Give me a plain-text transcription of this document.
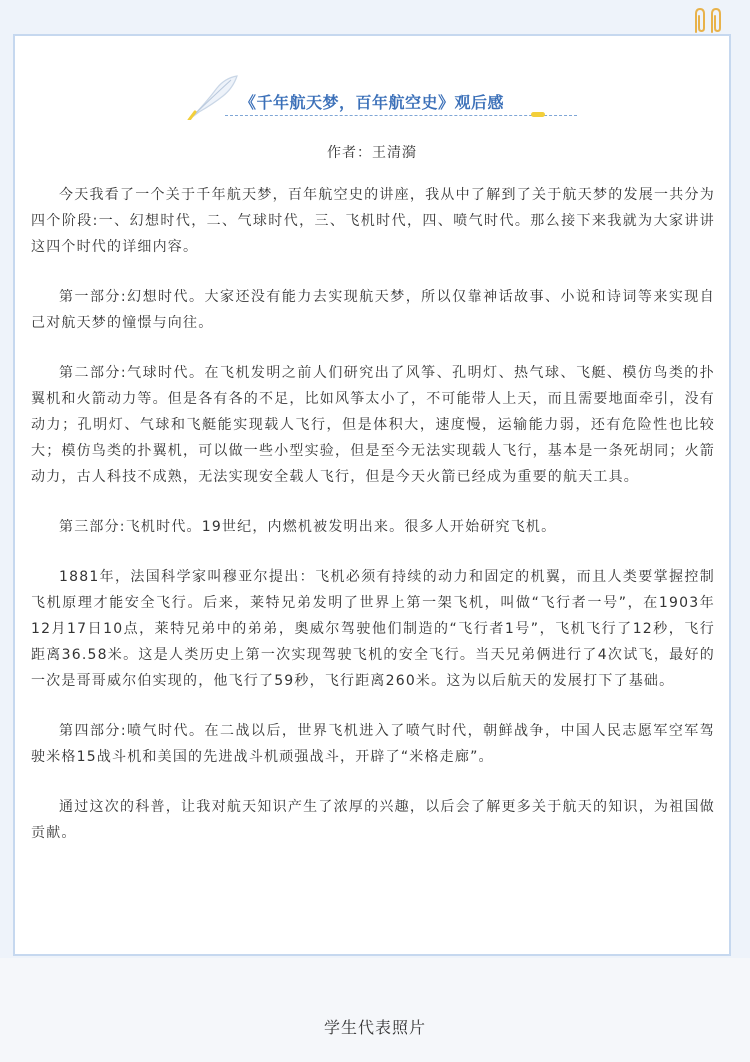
《千年航天梦，百年航空史》观后感
作者：王清漪

今天我看了一个关于千年航天梦，百年航空史的讲座，我从中了解到了关于航天梦的发展一共分为四个阶段:一、幻想时代，二、气球时代，三、飞机时代，四、喷气时代。那么接下来我就为大家讲讲这四个时代的详细内容。

第一部分:幻想时代。大家还没有能力去实现航天梦，所以仅靠神话故事、小说和诗词等来实现自己对航天梦的憧憬与向往。

第二部分:气球时代。在飞机发明之前人们研究出了风筝、孔明灯、热气球、飞艇、模仿鸟类的扑翼机和火箭动力等。但是各有各的不足，比如风筝太小了，不可能带人上天，而且需要地面牵引，没有动力；孔明灯、气球和飞艇能实现载人飞行，但是体积大，速度慢，运输能力弱，还有危险性也比较大；模仿鸟类的扑翼机，可以做一些小型实验，但是至今无法实现载人飞行，基本是一条死胡同；火箭动力，古人科技不成熟，无法实现安全载人飞行，但是今天火箭已经成为重要的航天工具。

第三部分:飞机时代。19世纪，内燃机被发明出来。很多人开始研究飞机。

1881年，法国科学家叫穆亚尔提出：飞机必须有持续的动力和固定的机翼，而且人类要掌握控制飞机原理才能安全飞行。后来，莱特兄弟发明了世界上第一架飞机，叫做“飞行者一号”，在1903年12月17日10点，莱特兄弟中的弟弟，奥威尔驾驶他们制造的“飞行者1号”，飞机飞行了12秒，飞行距离36.58米。这是人类历史上第一次实现驾驶飞机的安全飞行。当天兄弟俩进行了4次试飞，最好的一次是哥哥威尔伯实现的，他飞行了59秒，飞行距离260米。这为以后航天的发展打下了基础。

第四部分:喷气时代。在二战以后，世界飞机进入了喷气时代，朝鲜战争，中国人民志愿军空军驾驶米格15战斗机和美国的先进战斗机顽强战斗，开辟了“米格走廊”。

通过这次的科普，让我对航天知识产生了浓厚的兴趣，以后会了解更多关于航天的知识，为祖国做贡献。

学生代表照片
